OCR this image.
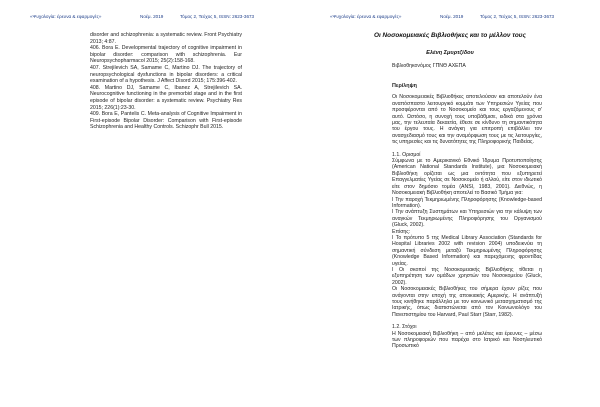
«Ψυχολογία: έρευνα & εφαρμογές»	Νοέμ. 2019	Τόμος 2, Τεύχος 5, ISSN: 2623-3673

disorder and schizophrenia: a systematic review. Front Psychiatry 2013; 4:87.

406. Bora E. Developmental trajectory of cognitive impairment in bipolar disorder: comparison with schizophrenia. Eur Neuropsychopharmacol 2015; 25(2):158-168.

407. Strejilevich SA, Samame C, Martino DJ. The trajectory of neuropsychological dysfunctions in bipolar disorders: a critical examination of a hypothesis. J Affect Disord 2015; 175:396-402.

408. Martino DJ, Samame C, Ibanez A, Strejilevich SA. Neurocognitive functioning in the premorbid stage and in the first episode of bipolar disorder: a systematic review. Psychiatry Res 2015; 226(1):23-30.

409. Bora E, Pantelis C. Meta-analysis of Cognitive Impairment in First-episode Bipolar Disorder: Comparison with First-episode Schizophrenia and Healthy Controls. Schizophr Bull 2015.

«Ψυχολογία: έρευνα & εφαρμογές»	Νοέμ. 2019	Τόμος 2, Τεύχος 5, ISSN: 2623-3673
Οι Νοσοκομειακές Βιβλιοθήκες και το μέλλον τους
Ελένη Σμυρτζίδου
Βιβλιοθηκονόμος ΓΠΝΘ ΑΧΕΠΑ

Περίληψη

Οι Νοσοκομειακές Βιβλιοθήκες αποτελούσαν και αποτελούν ένα αναπόσπαστο λειτουργικό κομμάτι των Υπηρεσιών Υγείας που προσφέρονται από το Νοσοκομείο και τους εργαζόμενους σ' αυτό. Ωστόσο, η συνοχή τους υποβάθμισε, ειδικά στα χρόνια μας, την τελευταία δεκαετία, έθεσε σε κίνδυνο τη σημαντικότητα του έργου τους. Η ανάγκη για επιτροπή επιβάλλει τον ανασχεδιασμό τους και την αναμόρφωση τους με τις λειτουργίες, τις υπηρεσίες και τις δυνατότητες της Πληροφορικής Παιδείας.

1.1. Ορισμοί

Σύμφωνα με το Αμερικανικό Εθνικό Ίδρυμα Προτυποποίησης (American National Standards Institute), μια Νοσοκομειακή Βιβλιοθήκη ορίζεται ως μια οντότητα που εξυπηρετεί Επαγγελματίες Υγείας σε Νοσοκομείο ή αλλού, είτε στον ιδιωτικό είτε στον δημόσιο τομέα (ANSI, 1983, 2001). Διεθνώς, η Νοσοκομειακή Βιβλιοθήκη αποτελεί το Βασικό Τμήμα για:

I Την παροχή Τεκμηριωμένης Πληροφόρησης (Knowledge-based Information).

I Την ανάπτυξη Συστημάτων και Υπηρεσιών για την κάλυψη των αναγκών Τεκμηριωμένης Πληροφόρησης του Οργανισμού (Gluck, 2002).

Επίσης:

I Το πρότυπο 5 της Medical Library Association (Standards for Hospital Libraries 2002 with revision 2004) υποδεικνύει τη σημαντική σύνδεση μεταξύ Τεκμηριωμένης Πληροφόρησης (Knowledge Based Information) και παρεχόμενης φροντίδας υγείας.

I Οι σκοποί της Νοσοκομειακής Βιβλιοθήκης τίθεται η εξυπηρέτηση των ομάδων χρηστών του Νοσοκομείου (Gluck, 2002).

Οι Νοσοκομειακές Βιβλιοθήκες του σήμερα έχουν ρίζες που ανάγονται στην εποχή της αποικιακής Αμερικής. Η ανάπτυξή τους κινήθηκε παράλληλα με τον κοινωνικό μετασχηματισμό της Ιατρικής, όπως διαπιστώνεται από τον Κοινωνιολόγο του Πανεπιστημίου του Harvard, Paul Starr (Starr, 1982).

1.2. Στόχοι

Η Νοσοκομειακή Βιβλιοθήκη – από μελέτες και έρευνες – μέσω των πληροφοριών που παρέχει στο Ιατρικό και Νοσηλευτικό Προσωπικό
